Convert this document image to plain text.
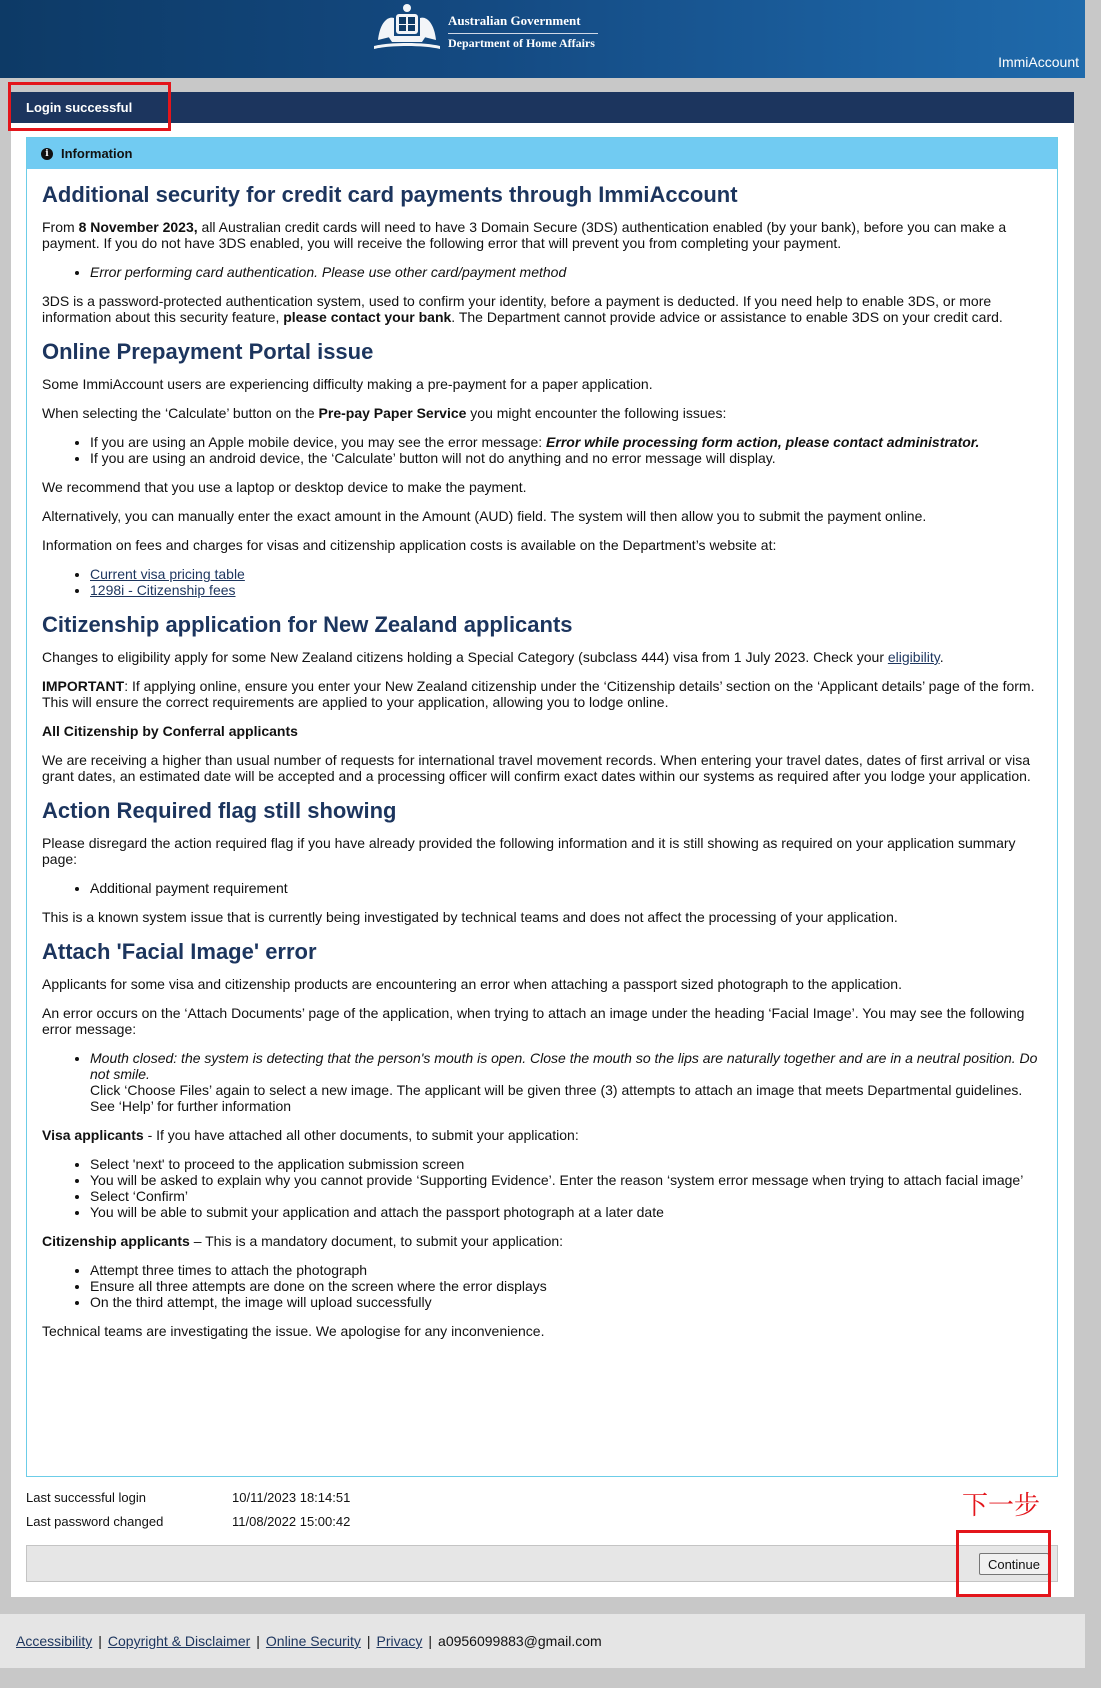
Australian Government
Department of Home Affairs
ImmiAccount
Login successful
i Information
Additional security for credit card payments through ImmiAccount

From 8 November 2023, all Australian credit cards will need to have 3 Domain Secure (3DS) authentication enabled (by your bank), before you can make a payment. If you do not have 3DS enabled, you will receive the following error that will prevent you from completing your payment.

• Error performing card authentication. Please use other card/payment method

3DS is a password-protected authentication system, used to confirm your identity, before a payment is deducted. If you need help to enable 3DS, or more information about this security feature, please contact your bank. The Department cannot provide advice or assistance to enable 3DS on your credit card.

Online Prepayment Portal issue

Some ImmiAccount users are experiencing difficulty making a pre-payment for a paper application.

When selecting the ‘Calculate’ button on the Pre-pay Paper Service you might encounter the following issues:

• If you are using an Apple mobile device, you may see the error message: Error while processing form action, please contact administrator.
• If you are using an android device, the ‘Calculate’ button will not do anything and no error message will display.

We recommend that you use a laptop or desktop device to make the payment.

Alternatively, you can manually enter the exact amount in the Amount (AUD) field. The system will then allow you to submit the payment online.

Information on fees and charges for visas and citizenship application costs is available on the Department’s website at:

• Current visa pricing table
• 1298i - Citizenship fees
Citizenship application for New Zealand applicants

Changes to eligibility apply for some New Zealand citizens holding a Special Category (subclass 444) visa from 1 July 2023. Check your eligibility.

IMPORTANT: If applying online, ensure you enter your New Zealand citizenship under the ‘Citizenship details’ section on the ‘Applicant details’ page of the form. This will ensure the correct requirements are applied to your application, allowing you to lodge online.

All Citizenship by Conferral applicants

We are receiving a higher than usual number of requests for international travel movement records. When entering your travel dates, dates of first arrival or visa grant dates, an estimated date will be accepted and a processing officer will confirm exact dates within our systems as required after you lodge your application.

Action Required flag still showing

Please disregard the action required flag if you have already provided the following information and it is still showing as required on your application summary page:

• Additional payment requirement

This is a known system issue that is currently being investigated by technical teams and does not affect the processing of your application.

Attach 'Facial Image' error

Applicants for some visa and citizenship products are encountering an error when attaching a passport sized photograph to the application.

An error occurs on the ‘Attach Documents’ page of the application, when trying to attach an image under the heading ‘Facial Image’. You may see the following error message:

• Mouth closed: the system is detecting that the person's mouth is open. Close the mouth so the lips are naturally together and are in a neutral position. Do not smile.
Click ‘Choose Files’ again to select a new image. The applicant will be given three (3) attempts to attach an image that meets Departmental guidelines. See ‘Help’ for further information

Visa applicants - If you have attached all other documents, to submit your application:

• Select 'next' to proceed to the application submission screen
• You will be asked to explain why you cannot provide ‘Supporting Evidence’. Enter the reason ‘system error message when trying to attach facial image’
• Select ‘Confirm’
• You will be able to submit your application and attach the passport photograph at a later date

Citizenship applicants – This is a mandatory document, to submit your application:

• Attempt three times to attach the photograph
• Ensure all three attempts are done on the screen where the error displays
• On the third attempt, the image will upload successfully

Technical teams are investigating the issue. We apologise for any inconvenience.

Last successful login	10/11/2023 18:14:51
Last password changed	11/08/2022 15:00:42
下一步
Continue
Accessibility | Copyright & Disclaimer | Online Security | Privacy | a0956099883@gmail.com
